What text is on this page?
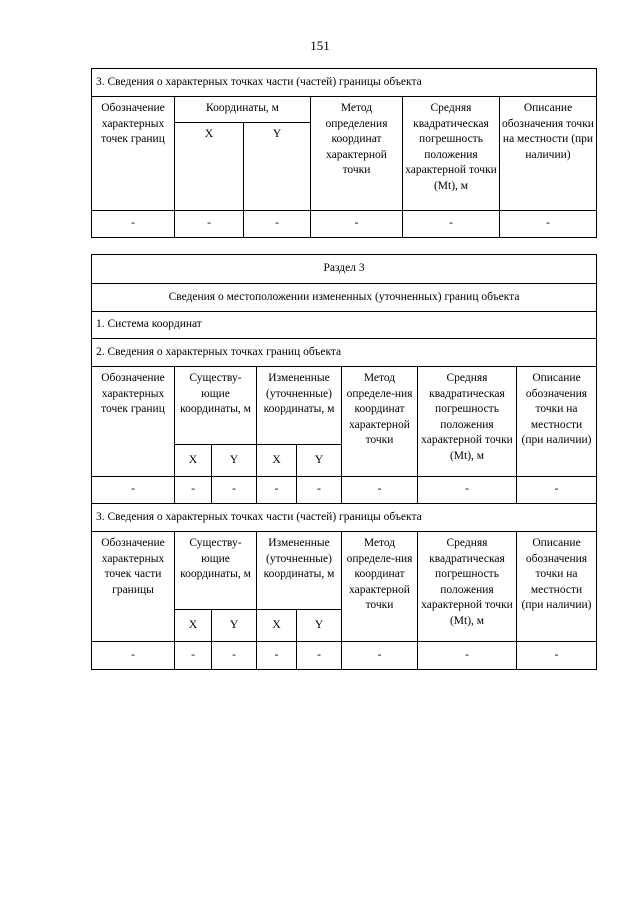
151
3. Сведения о характерных точках части (частей) границы объекта					
Обозначение характерных точек границ	Координаты, м		Метод определения координат характерной точки	Средняя квадратическая погрешность положения характерной точки (Mt), м	Описание обозначения точки на местности (при наличии)
	X	Y			
-	-	-	-	-	-
Раздел 3							
Сведения о местоположении измененных (уточненных) границ объекта							
1. Система координат							
2. Сведения о характерных точках границ объекта							
Обозначение характерных точек границ	Существу-ющие координаты, м		Измененные (уточненные) координаты, м		Метод определе-ния координат характерной точки	Средняя квадратическая погрешность положения характерной точки (Mt), м	Описание обозначения точки на местности (при наличии)
	X	Y	X	Y			
-	-	-	-	-	-	-	-
3. Сведения о характерных точках части (частей) границы объекта							
Обозначение характерных точек части границы	Существу-ющие координаты, м		Измененные (уточненные) координаты, м		Метод определе-ния координат характерной точки	Средняя квадратическая погрешность положения характерной точки (Mt), м	Описание обозначения точки на местности (при наличии)
	X	Y	X	Y			
-	-	-	-	-	-	-	-
